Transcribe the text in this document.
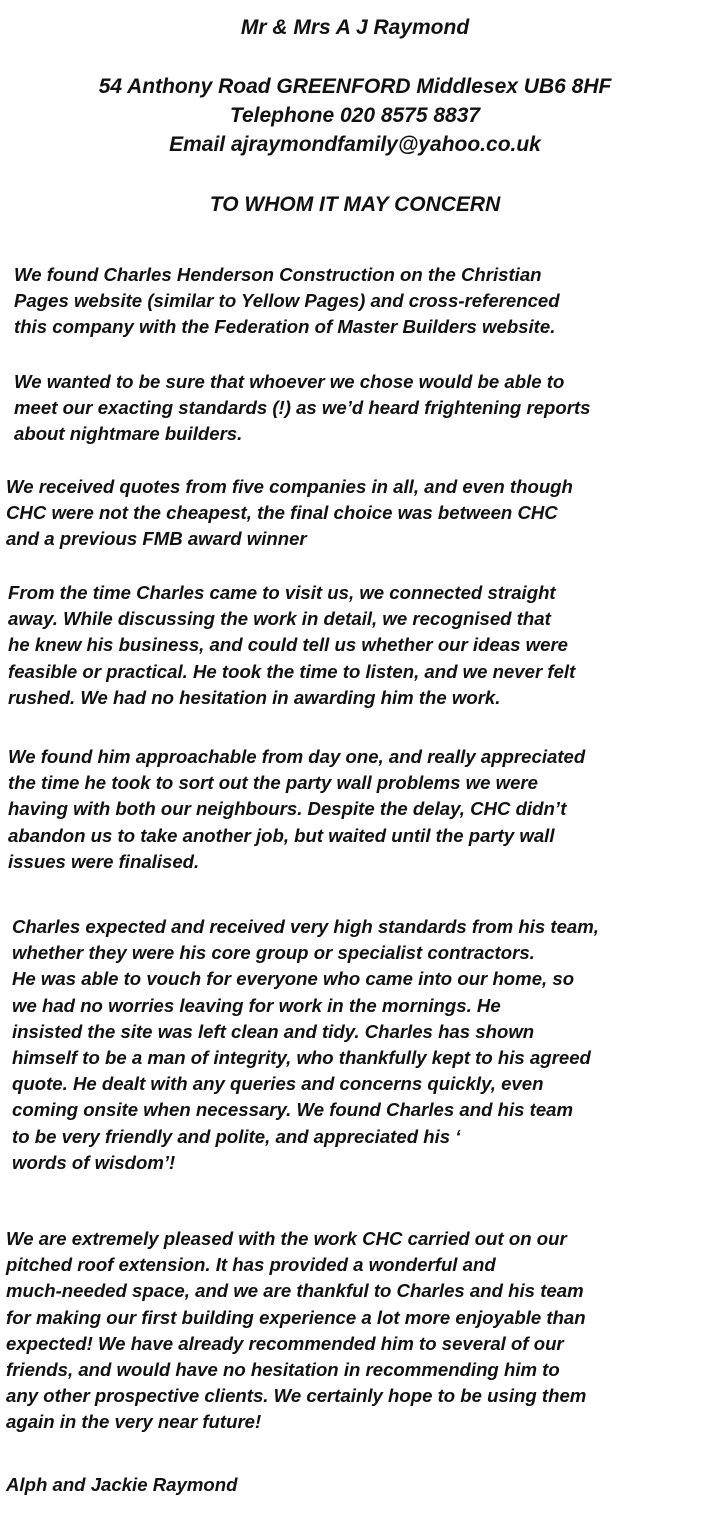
Mr & Mrs A J Raymond
54 Anthony Road GREENFORD Middlesex UB6 8HF
Telephone 020 8575 8837
Email ajraymondfamily@yahoo.co.uk
TO WHOM IT MAY CONCERN
We found Charles Henderson Construction on the Christian
Pages website (similar to Yellow Pages) and cross-referenced
this company with the Federation of Master Builders website.
We wanted to be sure that whoever we chose would be able to
meet our exacting standards (!) as we’d heard frightening reports
about nightmare builders.
We received quotes from five companies in all, and even though
CHC were not the cheapest, the final choice was between CHC
and a previous FMB award winner
From the time Charles came to visit us, we connected straight
away. While discussing the work in detail, we recognised that
he knew his business, and could tell us whether our ideas were
feasible or practical. He took the time to listen, and we never felt
rushed. We had no hesitation in awarding him the work.
We found him approachable from day one, and really appreciated
the time he took to sort out the party wall problems we were
having with both our neighbours. Despite the delay, CHC didn’t
abandon us to take another job, but waited until the party wall
issues were finalised.
Charles expected and received very high standards from his team,
whether they were his core group or specialist contractors.
He was able to vouch for everyone who came into our home, so
we had no worries leaving for work in the mornings. He
insisted the site was left clean and tidy. Charles has shown
himself to be a man of integrity, who thankfully kept to his agreed
quote. He dealt with any queries and concerns quickly, even
coming onsite when necessary. We found Charles and his team
to be very friendly and polite, and appreciated his ‘
words of wisdom’!
We are extremely pleased with the work CHC carried out on our
pitched roof extension. It has provided a wonderful and
much-needed space, and we are thankful to Charles and his team
for making our first building experience a lot more enjoyable than
expected! We have already recommended him to several of our
friends, and would have no hesitation in recommending him to
any other prospective clients. We certainly hope to be using them
again in the very near future!
Alph and Jackie Raymond
